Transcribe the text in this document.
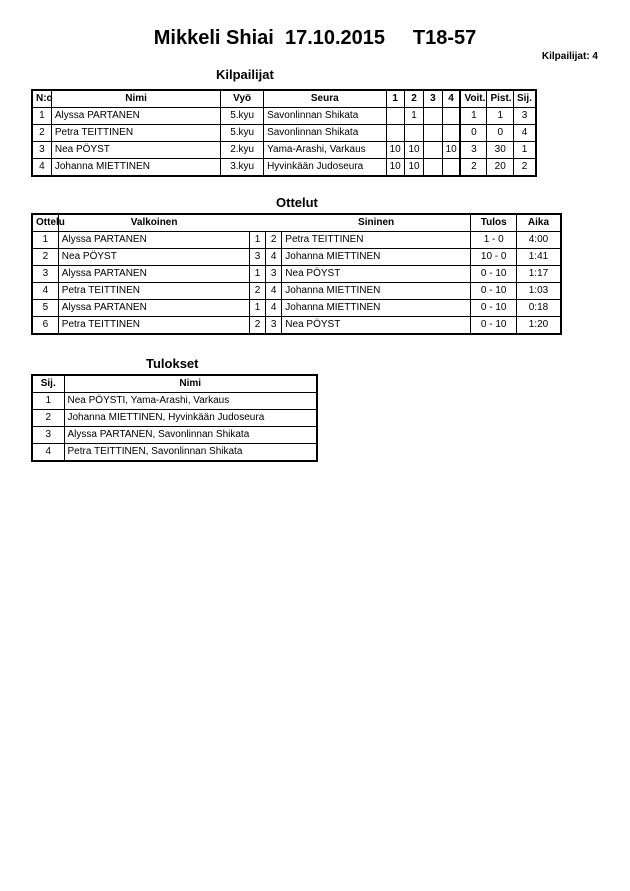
Mikkeli Shiai 17.10.2015 T18-57
Kilpailijat: 4
Kilpailijat
N:o	Nimi	Vyö	Seura	1	2	3	4	Voit.	Pist.	Sij.
1	Alyssa PARTANEN	5.kyu	Savonlinnan Shikata		1			1	1	3
2	Petra TEITTINEN	5.kyu	Savonlinnan Shikata					0	0	4
3	Nea PÖYST	2.kyu	Yama-Arashi, Varkaus	10	10		10	3	30	1
4	Johanna MIETTINEN	3.kyu	Hyvinkään Judoseura	10	10			2	20	2
Ottelut
Ottelu	Valkoinen			Sininen	Tulos	Aika
1	Alyssa PARTANEN	1	2	Petra TEITTINEN	1 - 0	4:00
2	Nea PÖYST	3	4	Johanna MIETTINEN	10 - 0	1:41
3	Alyssa PARTANEN	1	3	Nea PÖYST	0 - 10	1:17
4	Petra TEITTINEN	2	4	Johanna MIETTINEN	0 - 10	1:03
5	Alyssa PARTANEN	1	4	Johanna MIETTINEN	0 - 10	0:18
6	Petra TEITTINEN	2	3	Nea PÖYST	0 - 10	1:20
Tulokset
Sij.	Nimi
1	Nea PÖYSTI, Yama-Arashi, Varkaus
2	Johanna MIETTINEN, Hyvinkään Judoseura
3	Alyssa PARTANEN, Savonlinnan Shikata
4	Petra TEITTINEN, Savonlinnan Shikata
